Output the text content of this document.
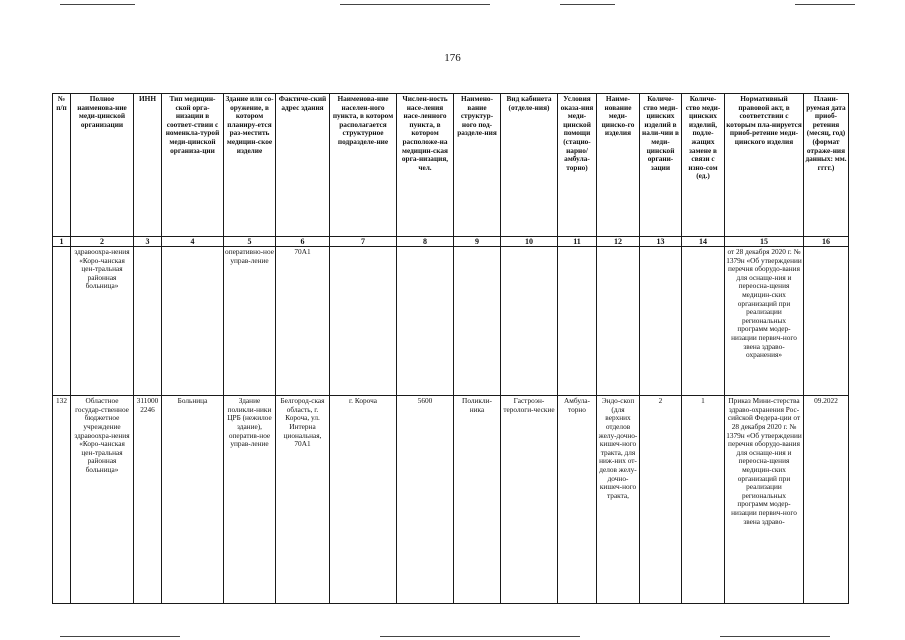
176
№ п/п	Полное наименова-ние меди-цинской организации	ИНН	Тип медицин-ской орга-низации в соответ-ствии с номенкла-турой меди-цинской организа-ции	Здание или со-оружение, в котором планиру-ется раз-местить медицин-ское изделие	Фактиче-ский адрес здания	Наименова-ние населен-ного пункта, в котором располагается структурное подразделе-ние	Числен-ность насе-ления насе-ленного пункта, в котором расположе-на медицин-ская орга-низация, чел.	Наимено-вание структур-ного под-разделе-ния	Вид кабинета (отделе-ния)	Условия оказа-ния меди-цинской помощи (стацио-нарно/ амбула-торно)	Наиме-нование меди-цинско-го изделия	Количе-ство меди-цинских изделий в нали-чии в меди-цинской органи-зации	Количе-ство меди-цинских изделий, подле-жащих замене в связи с изно-сом (ед.)	Нормативный правовой акт, в соответствии с которым пла-нируется приоб-ретение меди-цинского изделия	Плани-руемая дата приоб-ретения (месяц, год) (формат отраже-ния данных: мм. гггг.)
1	2	3	4	5	6	7	8	9	10	11	12	13	14	15	16
	здравоохра-нения «Коро-чанская цен-тральная районная больница»			оперативно-ное управ-ление	70А1									от 28 декабря 2020 г. № 1379н «Об утверждении перечня оборудо-вания для оснаще-ния и переосна-щения медицин-ских организаций при реализации региональных программ модер-низации первич-ного звена здраво-охранения»	
132	Областное государ-ственное бюджетное учреждение здравоохра-нения «Коро-чанская цен-тральная районная больница»	3110002246	Больница	Здание поликли-ники ЦРБ (нежилое здание), оператив-ное управ-ление	Белгород-ская область, г. Короча, ул. Интерна циональная, 70А1	г. Короча	5600	Поликли-ника	Гастроэн-терологи-ческие	Амбула-торно	Эндо-скоп (для верхних отделов желу-дочно-кишеч-ного тракта, для ниж-них от-делов желу-дочно-кишеч-ного тракта,	2	1	Приказ Мини-стерства здраво-охранения Рос-сийской Федера-ции от 28 декабря 2020 г. № 1379н «Об утверждении перечня оборудо-вания для оснаще-ния и переосна-щения медицин-ских организаций при реализации региональных программ модер-низации первич-ного звена здраво-	09.2022
